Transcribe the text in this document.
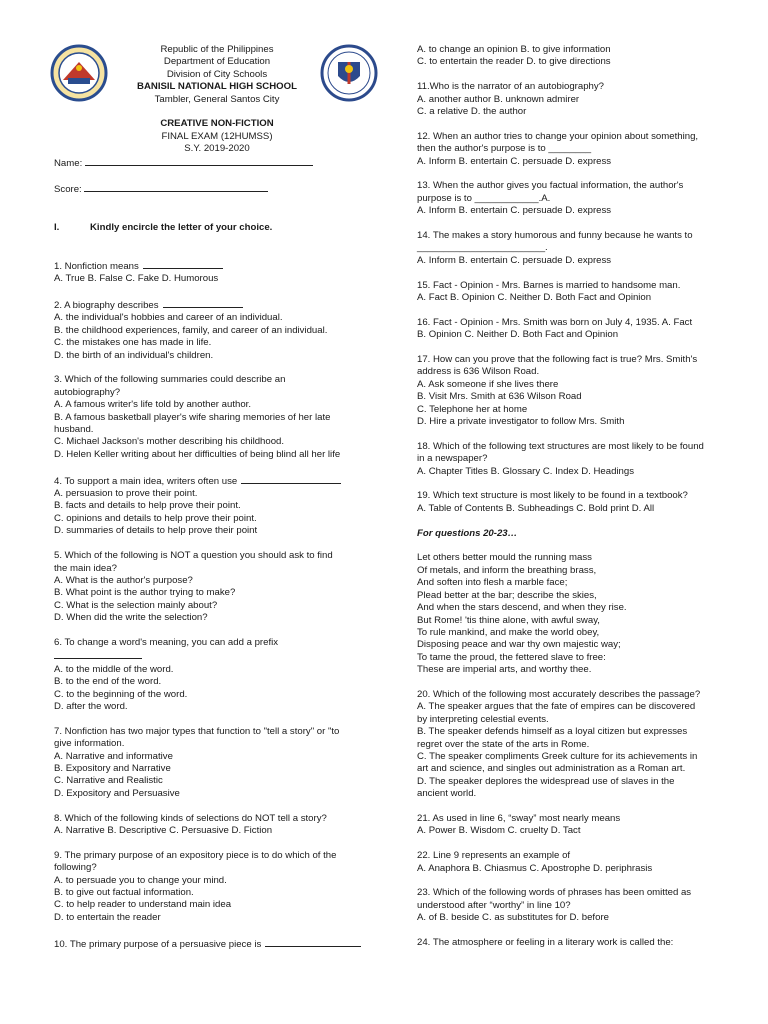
Republic of the Philippines
Department of Education
Division of City Schools
BANISIL NATIONAL HIGH SCHOOL
Tambler, General Santos City
CREATIVE NON-FICTION
FINAL EXAM (12HUMSS)
S.Y. 2019-2020
Name:
Score:
I.	Kindly encircle the letter of your choice.
1. Nonfiction means
A. True B. False C. Fake D. Humorous
2. A biography describes
A. the individual's hobbies and career of an individual.
B. the childhood experiences, family, and career of an individual.
C. the mistakes one has made in life.
D. the birth of an individual's children.
3. Which of the following summaries could describe an
autobiography?
A. A famous writer's life told by another author.
B. A famous basketball player's wife sharing memories of her late
husband.
C. Michael Jackson's mother describing his childhood.
D. Helen Keller writing about her difficulties of being blind all her life
4. To support a main idea, writers often use
A. persuasion to prove their point.
B. facts and details to help prove their point.
C. opinions and details to help prove their point.
D. summaries of details to help prove their point
5. Which of the following is NOT a question you should ask to find
the main idea?
A. What is the author's purpose?
B. What point is the author trying to make?
C. What is the selection mainly about?
D. When did the write the selection?
6. To change a word's meaning, you can add a prefix
A. to the middle of the word.
B. to the end of the word.
C. to the beginning of the word.
D. after the word.
7. Nonfiction has two major types that function to "tell a story" or "to
give information.
A. Narrative and informative
B. Expository and Narrative
C. Narrative and Realistic
D. Expository and Persuasive
8. Which of the following kinds of selections do NOT tell a story?
A. Narrative B. Descriptive C. Persuasive D. Fiction
9. The primary purpose of an expository piece is to do which of the
following?
A. to persuade you to change your mind.
B. to give out factual information.
C. to help reader to understand main idea
D. to entertain the reader
10. The primary purpose of a persuasive piece is
A. to change an opinion B. to give information
C. to entertain the reader D. to give directions
11.Who is the narrator of an autobiography?
A. another author B. unknown admirer
C. a relative D. the author
12. When an author tries to change your opinion about something,
then the author's purpose is to ________
A. Inform B. entertain C. persuade D. express
13. When the author gives you factual information, the author's
purpose is to ____________.A.
A. Inform B. entertain C. persuade D. express
14. The makes a story humorous and funny because he wants to
________________________.
A. Inform B. entertain C. persuade D. express
15. Fact - Opinion - Mrs. Barnes is married to handsome man.
A. Fact B. Opinion C. Neither D. Both Fact and Opinion
16. Fact - Opinion - Mrs. Smith was born on July 4, 1935. A. Fact
B. Opinion C. Neither D. Both Fact and Opinion
17. How can you prove that the following fact is true? Mrs. Smith's
address is 636 Wilson Road.
A. Ask someone if she lives there
B. Visit Mrs. Smith at 636 Wilson Road
C. Telephone her at home
D. Hire a private investigator to follow Mrs. Smith
18. Which of the following text structures are most likely to be found
in a newspaper?
A. Chapter Titles B. Glossary C. Index D. Headings
19. Which text structure is most likely to be found in a textbook?
A. Table of Contents B. Subheadings C. Bold print D. All
For questions 20-23…
Let others better mould the running mass
Of metals, and inform the breathing brass,
And soften into flesh a marble face;
Plead better at the bar; describe the skies,
And when the stars descend, and when they rise.
But Rome! 'tis thine alone, with awful sway,
To rule mankind, and make the world obey,
Disposing peace and war thy own majestic way;
To tame the proud, the fettered slave to free:
These are imperial arts, and worthy thee.
20. Which of the following most accurately describes the passage?
A. The speaker argues that the fate of empires can be discovered
by interpreting celestial events.
B. The speaker defends himself as a loyal citizen but expresses
regret over the state of the arts in Rome.
C. The speaker compliments Greek culture for its achievements in
art and science, and singles out administration as a Roman art.
D. The speaker deplores the widespread use of slaves in the
ancient world.
21. As used in line 6, “sway” most nearly means
A. Power B. Wisdom C. cruelty D. Tact
22. Line 9 represents an example of
A. Anaphora B. Chiasmus C. Apostrophe D. periphrasis
23. Which of the following words of phrases has been omitted as
understood after “worthy” in line 10?
A. of B. beside C. as substitutes for D. before
24. The atmosphere or feeling in a literary work is called the:
